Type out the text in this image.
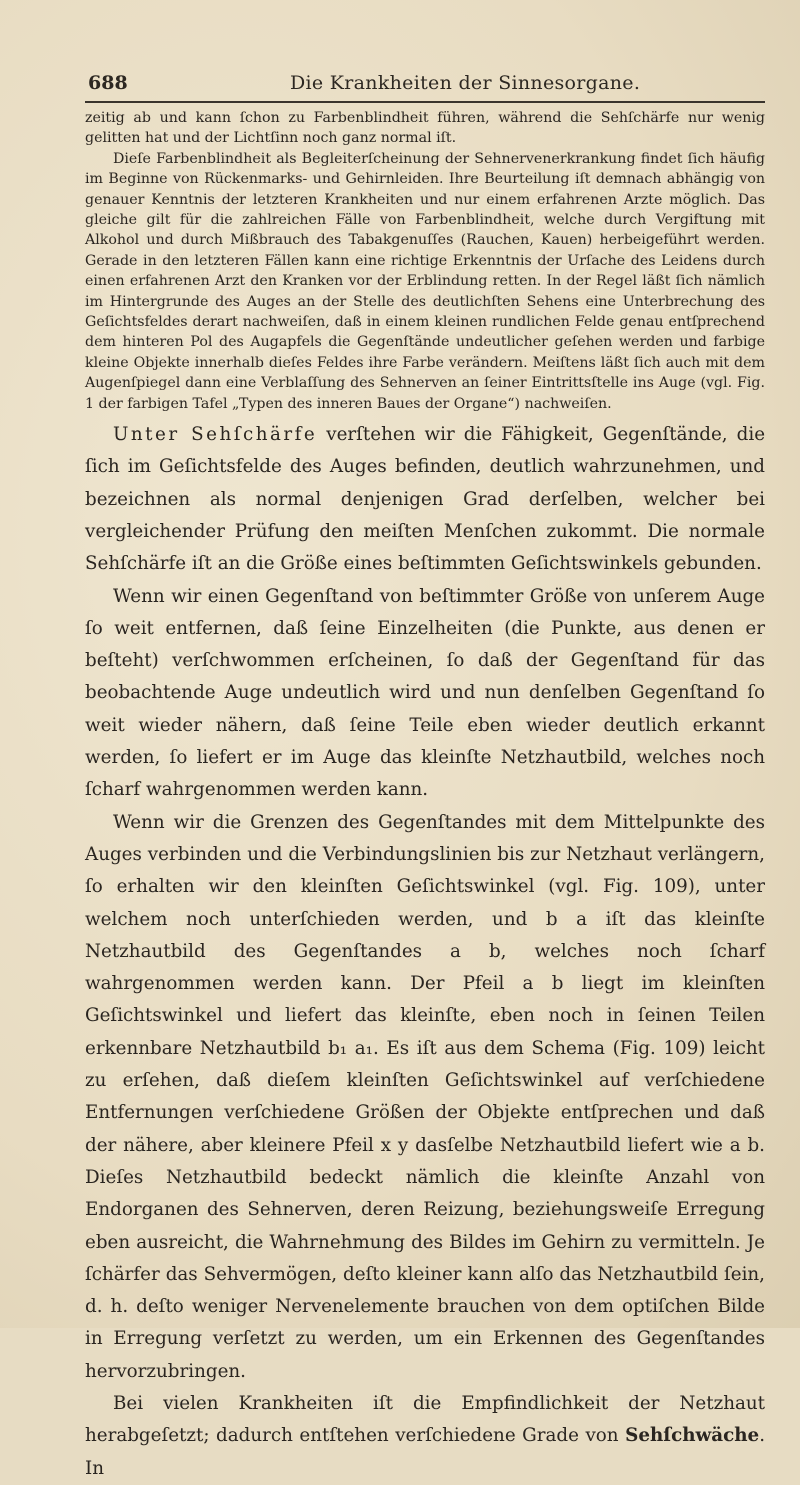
688	Die Krankheiten der Sinnesorgane.

zeitig ab und kann ſchon zu Farbenblindheit führen, während die Sehſchärfe nur wenig gelitten hat und der Lichtſinn noch ganz normal iſt.

Dieſe Farbenblindheit als Begleiterſcheinung der Sehnervenerkrankung findet ſich häufig im Beginne von Rückenmarks- und Gehirnleiden. Ihre Beurteilung iſt demnach abhängig von genauer Kenntnis der letzteren Krankheiten und nur einem erfahrenen Arzte möglich. Das gleiche gilt für die zahlreichen Fälle von Farbenblindheit, welche durch Vergiftung mit Alkohol und durch Mißbrauch des Tabakgenuſſes (Rauchen, Kauen) herbeigeführt werden. Gerade in den letzteren Fällen kann eine richtige Erkenntnis der Urſache des Leidens durch einen erfahrenen Arzt den Kranken vor der Erblindung retten. In der Regel läßt ſich nämlich im Hintergrunde des Auges an der Stelle des deutlichſten Sehens eine Unterbrechung des Geſichtsfeldes derart nachweiſen, daß in einem kleinen rundlichen Felde genau entſprechend dem hinteren Pol des Augapfels die Gegenſtände undeutlicher geſehen werden und farbige kleine Objekte innerhalb dieſes Feldes ihre Farbe verändern. Meiſtens läßt ſich auch mit dem Augenſpiegel dann eine Verblaſſung des Sehnerven an ſeiner Eintrittsſtelle ins Auge (vgl. Fig. 1 der farbigen Tafel „Typen des inneren Baues der Organe“) nachweiſen.

Unter Sehſchärfe verſtehen wir die Fähigkeit, Gegenſtände, die ſich im Geſichtsfelde des Auges befinden, deutlich wahrzunehmen, und bezeichnen als normal denjenigen Grad derſelben, welcher bei vergleichender Prüfung den meiſten Menſchen zukommt. Die normale Sehſchärfe iſt an die Größe eines beſtimmten Geſichtswinkels gebunden.

Wenn wir einen Gegenſtand von beſtimmter Größe von unſerem Auge ſo weit entfernen, daß ſeine Einzelheiten (die Punkte, aus denen er beſteht) verſchwommen erſcheinen, ſo daß der Gegenſtand für das beobachtende Auge undeutlich wird und nun denſelben Gegenſtand ſo weit wieder nähern, daß ſeine Teile eben wieder deutlich erkannt werden, ſo liefert er im Auge das kleinſte Netzhautbild, welches noch ſcharf wahrgenommen werden kann.

Wenn wir die Grenzen des Gegenſtandes mit dem Mittelpunkte des Auges verbinden und die Verbindungslinien bis zur Netzhaut verlängern, ſo erhalten wir den kleinſten Geſichtswinkel (vgl. Fig. 109), unter welchem noch unterſchieden werden, und b a iſt das kleinſte Netzhautbild des Gegenſtandes a b, welches noch ſcharf wahrgenommen werden kann. Der Pfeil a b liegt im kleinſten Geſichtswinkel und liefert das kleinſte, eben noch in ſeinen Teilen erkennbare Netzhautbild b₁ a₁. Es iſt aus dem Schema (Fig. 109) leicht zu erſehen, daß dieſem kleinſten Geſichtswinkel auf verſchiedene Entfernungen verſchiedene Größen der Objekte entſprechen und daß der nähere, aber kleinere Pfeil x y dasſelbe Netzhautbild liefert wie a b. Dieſes Netzhautbild bedeckt nämlich die kleinſte Anzahl von Endorganen des Sehnerven, deren Reizung, beziehungsweiſe Erregung eben ausreicht, die Wahrnehmung des Bildes im Gehirn zu vermitteln. Je ſchärfer das Sehvermögen, deſto kleiner kann alſo das Netzhautbild ſein, d. h. deſto weniger Nervenelemente brauchen von dem optiſchen Bilde in Erregung verſetzt zu werden, um ein Erkennen des Gegenſtandes hervorzubringen.

Bei vielen Krankheiten iſt die Empfindlichkeit der Netzhaut herabgeſetzt; dadurch entſtehen verſchiedene Grade von Sehſchwäche. In
